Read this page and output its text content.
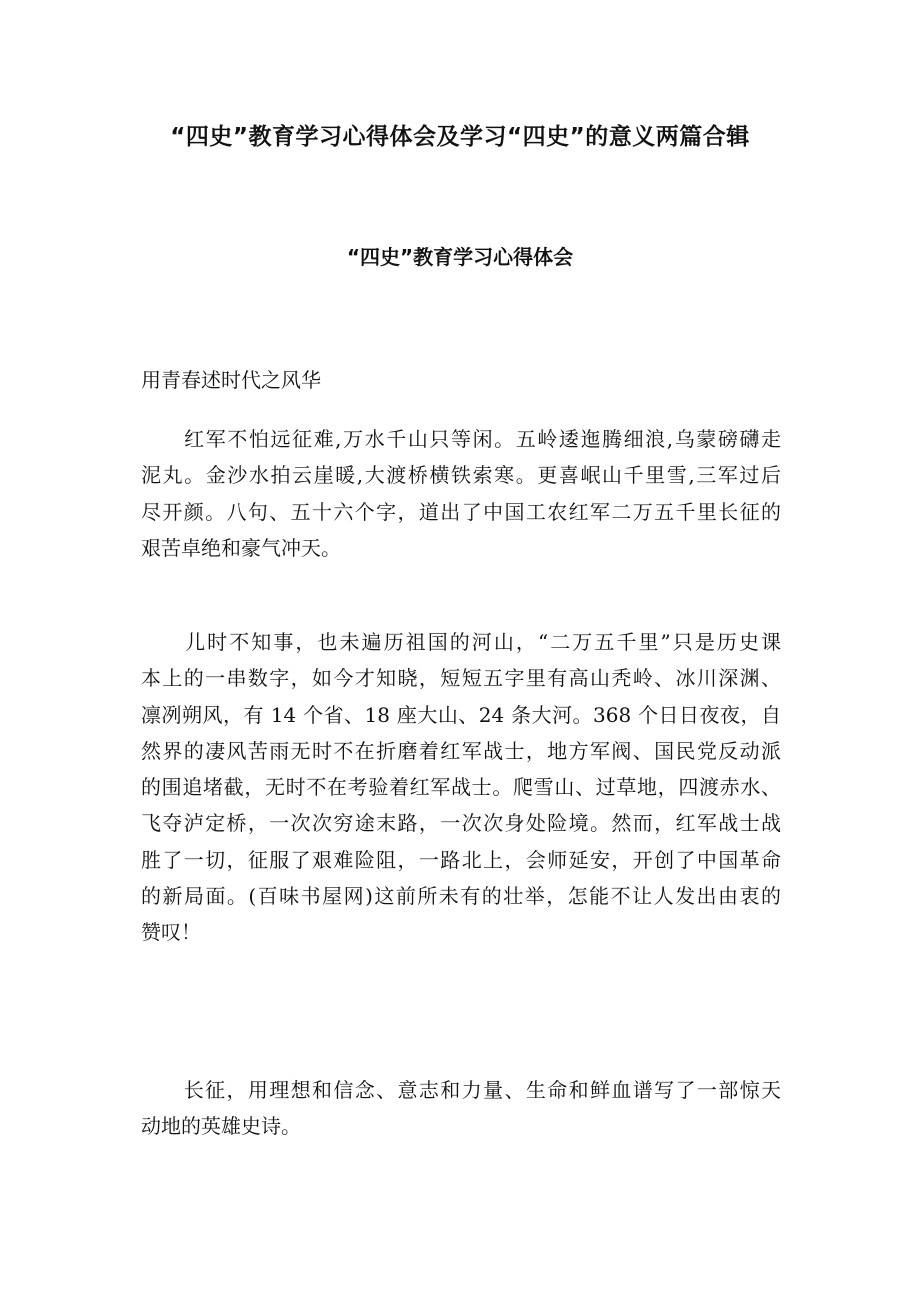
“四史”教育学习心得体会及学习“四史”的意义两篇合辑
“四史”教育学习心得体会
用青春述时代之风华
　　红军不怕远征难,万水千山只等闲。五岭逶迤腾细浪,乌蒙磅礴走
泥丸。金沙水拍云崖暖,大渡桥横铁索寒。更喜岷山千里雪,三军过后
尽开颜。八句、五十六个字，道出了中国工农红军二万五千里长征的
艰苦卓绝和豪气冲天。
　　儿时不知事，也未遍历祖国的河山，“二万五千里”只是历史课
本上的一串数字，如今才知晓，短短五字里有高山秃岭、冰川深渊、
凛冽朔风，有 14 个省、18 座大山、24 条大河。368 个日日夜夜，自
然界的凄风苦雨无时不在折磨着红军战士，地方军阀、国民党反动派
的围追堵截，无时不在考验着红军战士。爬雪山、过草地，四渡赤水、
飞夺泸定桥，一次次穷途末路，一次次身处险境。然而，红军战士战
胜了一切，征服了艰难险阻，一路北上，会师延安，开创了中国革命
的新局面。(百味书屋网)这前所未有的壮举，怎能不让人发出由衷的
赞叹！
　　长征，用理想和信念、意志和力量、生命和鲜血谱写了一部惊天
动地的英雄史诗。
